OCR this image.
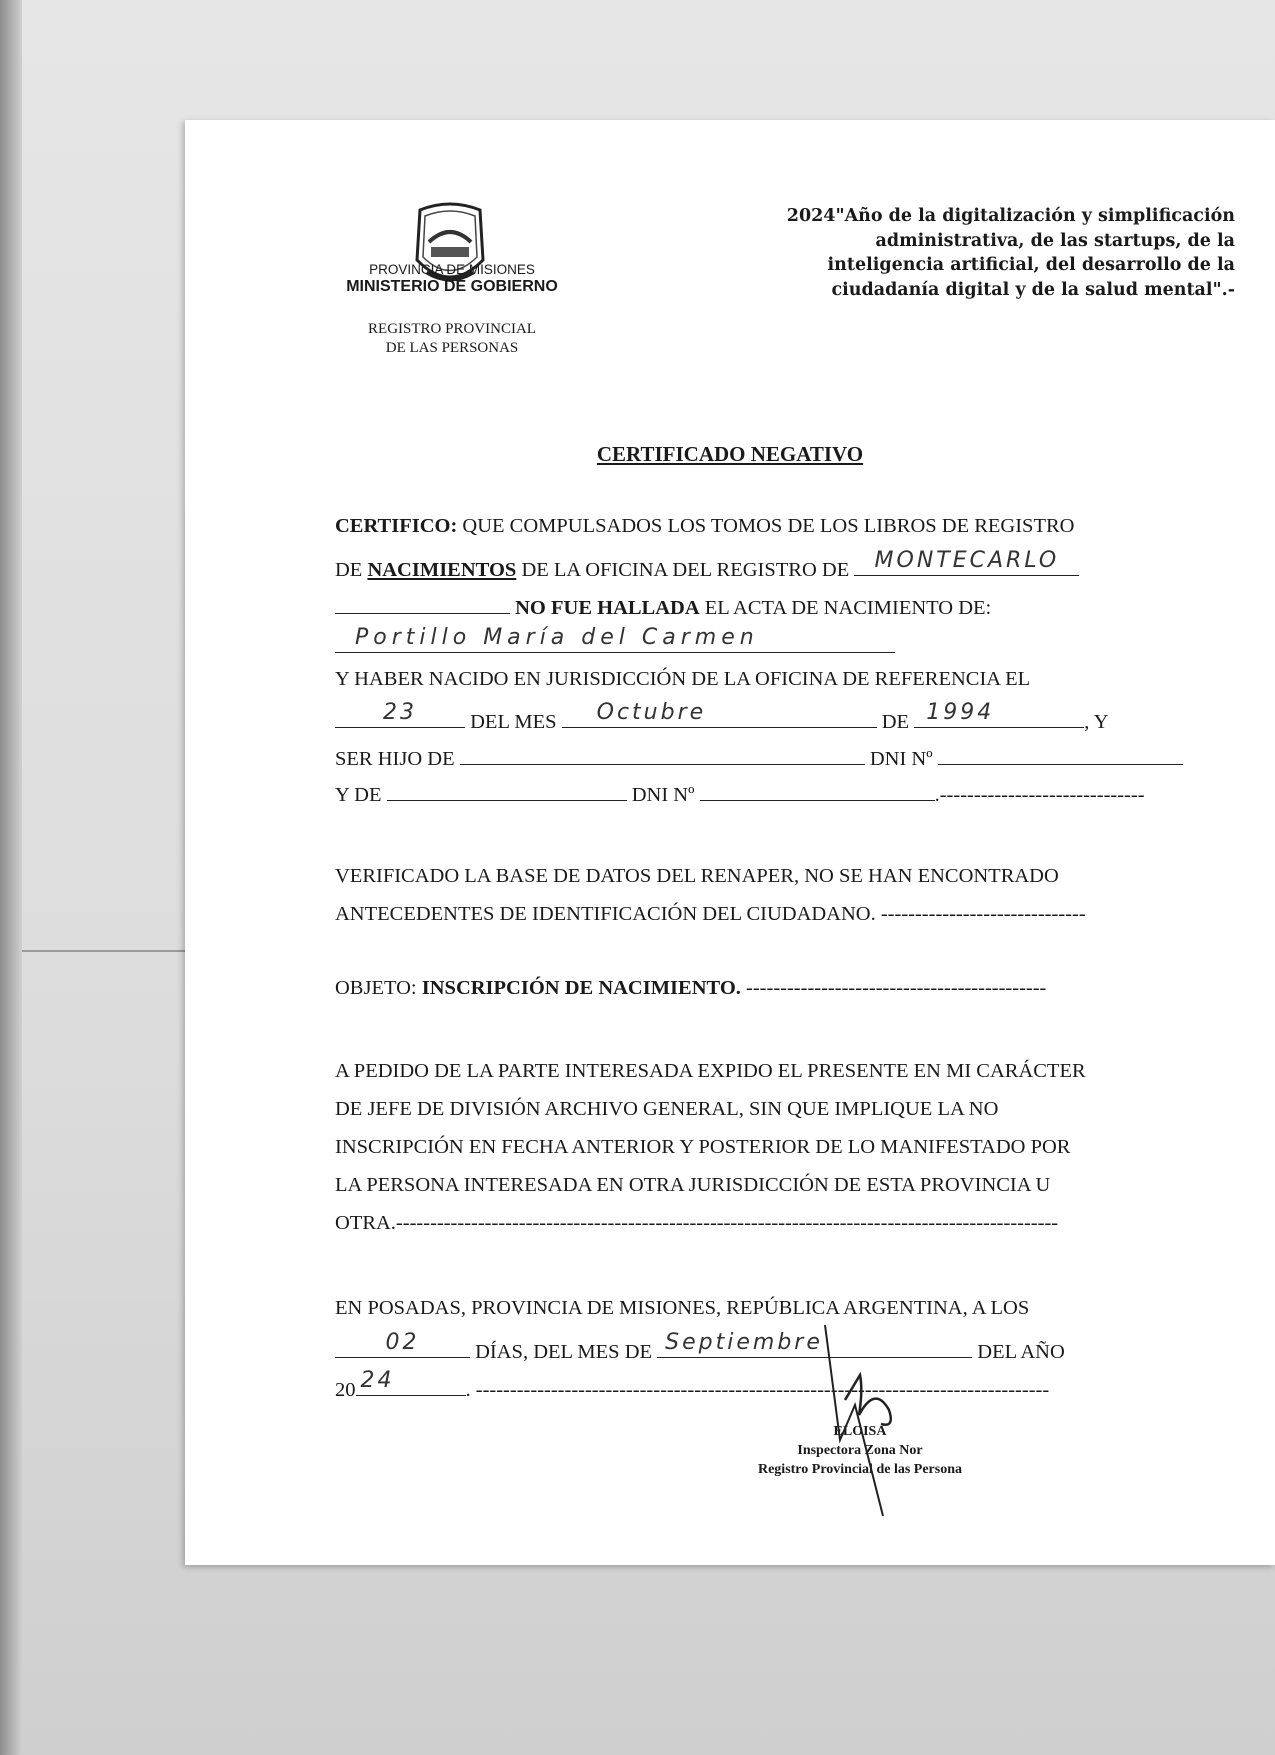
PROVINCIA DE MISIONES
MINISTERIO DE GOBIERNO
REGISTRO PROVINCIAL
DE LAS PERSONAS
2024"Año de la digitalización y simplificación
administrativa, de las startups, de la
inteligencia artificial, del desarrollo de la
ciudadanía digital y de la salud mental".-
CERTIFICADO NEGATIVO
CERTIFICO: QUE COMPULSADOS LOS TOMOS DE LOS LIBROS DE REGISTRO
DE NACIMIENTOS DE LA OFICINA DEL REGISTRO DE MONTECARLO
NO FUE HALLADA EL ACTA DE NACIMIENTO DE:
Portillo María del Carmen
Y HABER NACIDO EN JURISDICCIÓN DE LA OFICINA DE REFERENCIA EL
23	DEL MES	Octubre	DE 1994	, Y
SER HIJO DE	DNI Nº
Y DE	DNI Nº	.------------------------------
VERIFICADO LA BASE DE DATOS DEL RENAPER, NO SE HAN ENCONTRADO
ANTECEDENTES DE IDENTIFICACIÓN DEL CIUDADANO. ------------------------------
OBJETO: INSCRIPCIÓN DE NACIMIENTO. --------------------------------------------
A PEDIDO DE LA PARTE INTERESADA EXPIDO EL PRESENTE EN MI CARÁCTER
DE JEFE DE DIVISIÓN ARCHIVO GENERAL, SIN QUE IMPLIQUE LA NO
INSCRIPCIÓN EN FECHA ANTERIOR Y POSTERIOR DE LO MANIFESTADO POR
LA PERSONA INTERESADA EN OTRA JURISDICCIÓN DE ESTA PROVINCIA U
OTRA.-------------------------------------------------------------------------------------------------
EN POSADAS, PROVINCIA DE MISIONES, REPÚBLICA ARGENTINA, A LOS
02	DÍAS, DEL MES DE Septiembre	DEL AÑO
20 24	. ------------------------------------------------------------------------------------
ELOISA
Inspectora Zona Nor
Registro Provincial de las Persona
